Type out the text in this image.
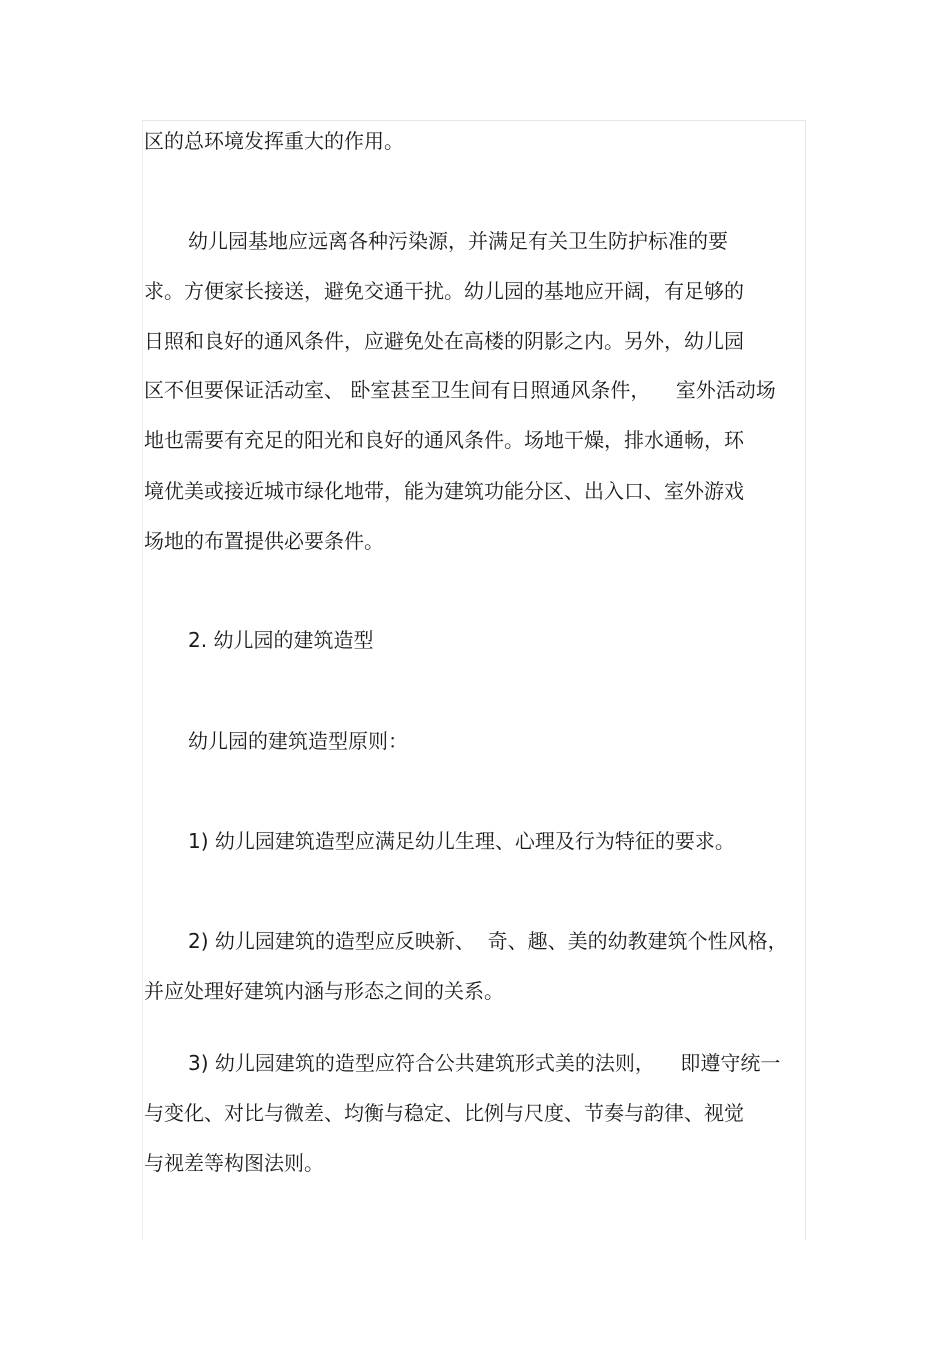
区的总环境发挥重大的作用。
幼儿园基地应远离各种污染源，并满足有关卫生防护标准的要
求。方便家长接送，避免交通干扰。幼儿园的基地应开阔，有足够的
日照和良好的通风条件，应避免处在高楼的阴影之内。另外，幼儿园
区不但要保证活动室、 卧室甚至卫生间有日照通风条件，    室外活动场
地也需要有充足的阳光和良好的通风条件。场地干燥，排水通畅，环
境优美或接近城市绿化地带，能为建筑功能分区、出入口、室外游戏
场地的布置提供必要条件。
2. 幼儿园的建筑造型
幼儿园的建筑造型原则：
1) 幼儿园建筑造型应满足幼儿生理、心理及行为特征的要求。
2) 幼儿园建筑的造型应反映新、  奇、趣、美的幼教建筑个性风格，
并应处理好建筑内涵与形态之间的关系。
3) 幼儿园建筑的造型应符合公共建筑形式美的法则，    即遵守统一
与变化、对比与微差、均衡与稳定、比例与尺度、节奏与韵律、视觉
与视差等构图法则。
